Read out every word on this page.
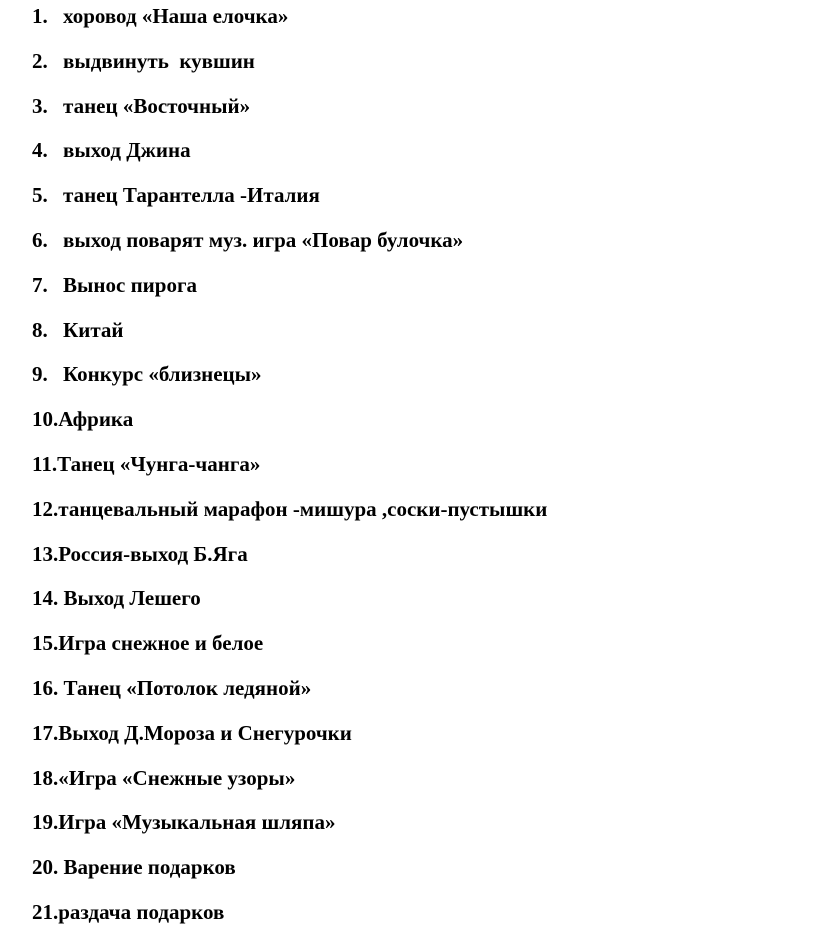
1. хоровод «Наша елочка»
2. выдвинуть  кувшин
3. танец «Восточный»
4. выход Джина
5. танец Тарантелла -Италия
6. выход поварят муз. игра «Повар булочка»
7. Вынос пирога
8. Китай
9. Конкурс «близнецы»
10.Африка
11.Танец «Чунга-чанга»
12.танцевальный марафон -мишура ,соски-пустышки
13.Россия-выход Б.Яга
14. Выход Лешего
15.Игра снежное и белое
16. Танец «Потолок ледяной»
17.Выход Д.Мороза и Снегурочки
18.«Игра «Снежные узоры»
19.Игра «Музыкальная шляпа»
20. Варение подарков
21.раздача подарков
